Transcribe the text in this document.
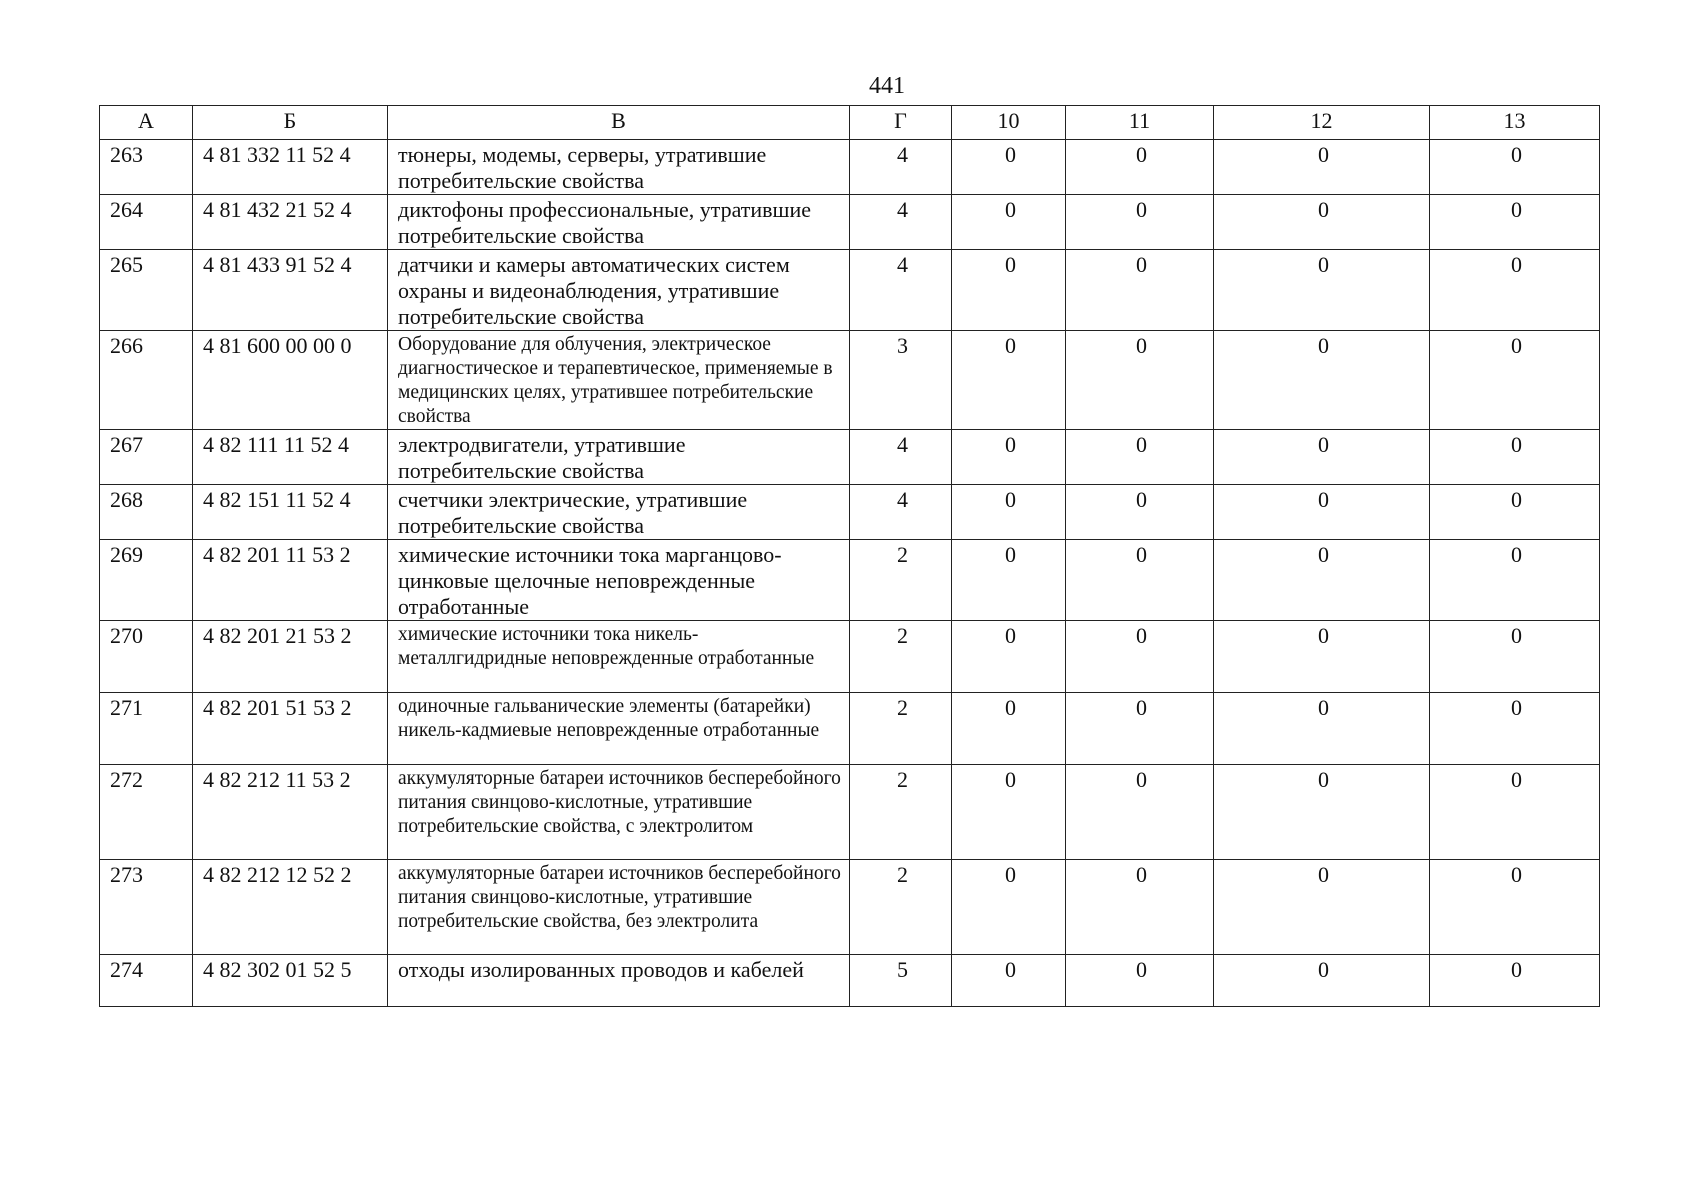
441
А	Б	В	Г	10	11	12	13
263	4 81 332 11 52 4	тюнеры, модемы, серверы, утратившие потребительские свойства	4	0	0	0	0
264	4 81 432 21 52 4	диктофоны профессиональные, утратившие потребительские свойства	4	0	0	0	0
265	4 81 433 91 52 4	датчики и камеры автоматических систем охраны и видеонаблюдения, утратившие потребительские свойства	4	0	0	0	0
266	4 81 600 00 00 0	Оборудование для облучения, электрическое диагностическое и терапевтическое, применяемые в медицинских целях, утратившее потребительские свойства	3	0	0	0	0
267	4 82 111 11 52 4	электродвигатели, утратившие потребительские свойства	4	0	0	0	0
268	4 82 151 11 52 4	счетчики электрические, утратившие потребительские свойства	4	0	0	0	0
269	4 82 201 11 53 2	химические источники тока марганцово-цинковые щелочные неповрежденные отработанные	2	0	0	0	0
270	4 82 201 21 53 2	химические источники тока никель-металлгидридные неповрежденные отработанные	2	0	0	0	0
271	4 82 201 51 53 2	одиночные гальванические элементы (батарейки) никель-кадмиевые неповрежденные отработанные	2	0	0	0	0
272	4 82 212 11 53 2	аккумуляторные батареи источников бесперебойного питания свинцово-кислотные, утратившие потребительские свойства, с электролитом	2	0	0	0	0
273	4 82 212 12 52 2	аккумуляторные батареи источников бесперебойного питания свинцово-кислотные, утратившие потребительские свойства, без электролита	2	0	0	0	0
274	4 82 302 01 52 5	отходы изолированных проводов и кабелей	5	0	0	0	0
